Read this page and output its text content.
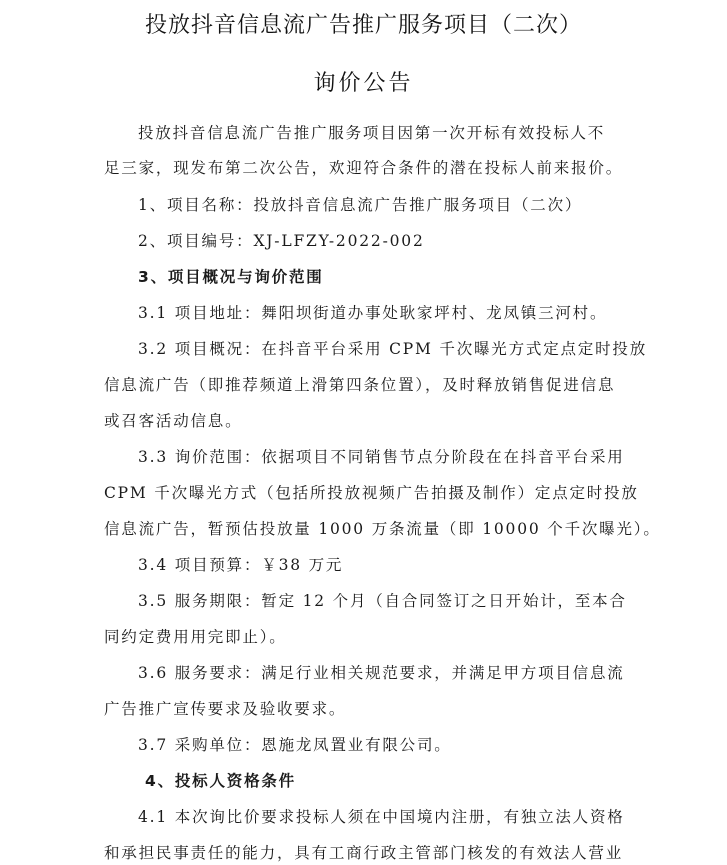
投放抖音信息流广告推广服务项目（二次）
询价公告
投放抖音信息流广告推广服务项目因第一次开标有效投标人不
足三家，现发布第二次公告，欢迎符合条件的潜在投标人前来报价。
1、项目名称：投放抖音信息流广告推广服务项目（二次）
2、项目编号：XJ-LFZY-2022-002
3、项目概况与询价范围
3.1 项目地址：舞阳坝街道办事处耿家坪村、龙凤镇三河村。
3.2 项目概况：在抖音平台采用 CPM 千次曝光方式定点定时投放
信息流广告（即推荐频道上滑第四条位置），及时释放销售促进信息
或召客活动信息。
3.3 询价范围：依据项目不同销售节点分阶段在在抖音平台采用
CPM 千次曝光方式（包括所投放视频广告拍摄及制作）定点定时投放
信息流广告，暂预估投放量 1000 万条流量（即 10000 个千次曝光）。
3.4 项目预算：￥38 万元
3.5 服务期限：暂定 12 个月（自合同签订之日开始计，至本合
同约定费用用完即止）。
3.6 服务要求：满足行业相关规范要求，并满足甲方项目信息流
广告推广宣传要求及验收要求。
3.7 采购单位：恩施龙凤置业有限公司。
4、投标人资格条件
4.1 本次询比价要求投标人须在中国境内注册，有独立法人资格
和承担民事责任的能力，具有工商行政主管部门核发的有效法人营业
